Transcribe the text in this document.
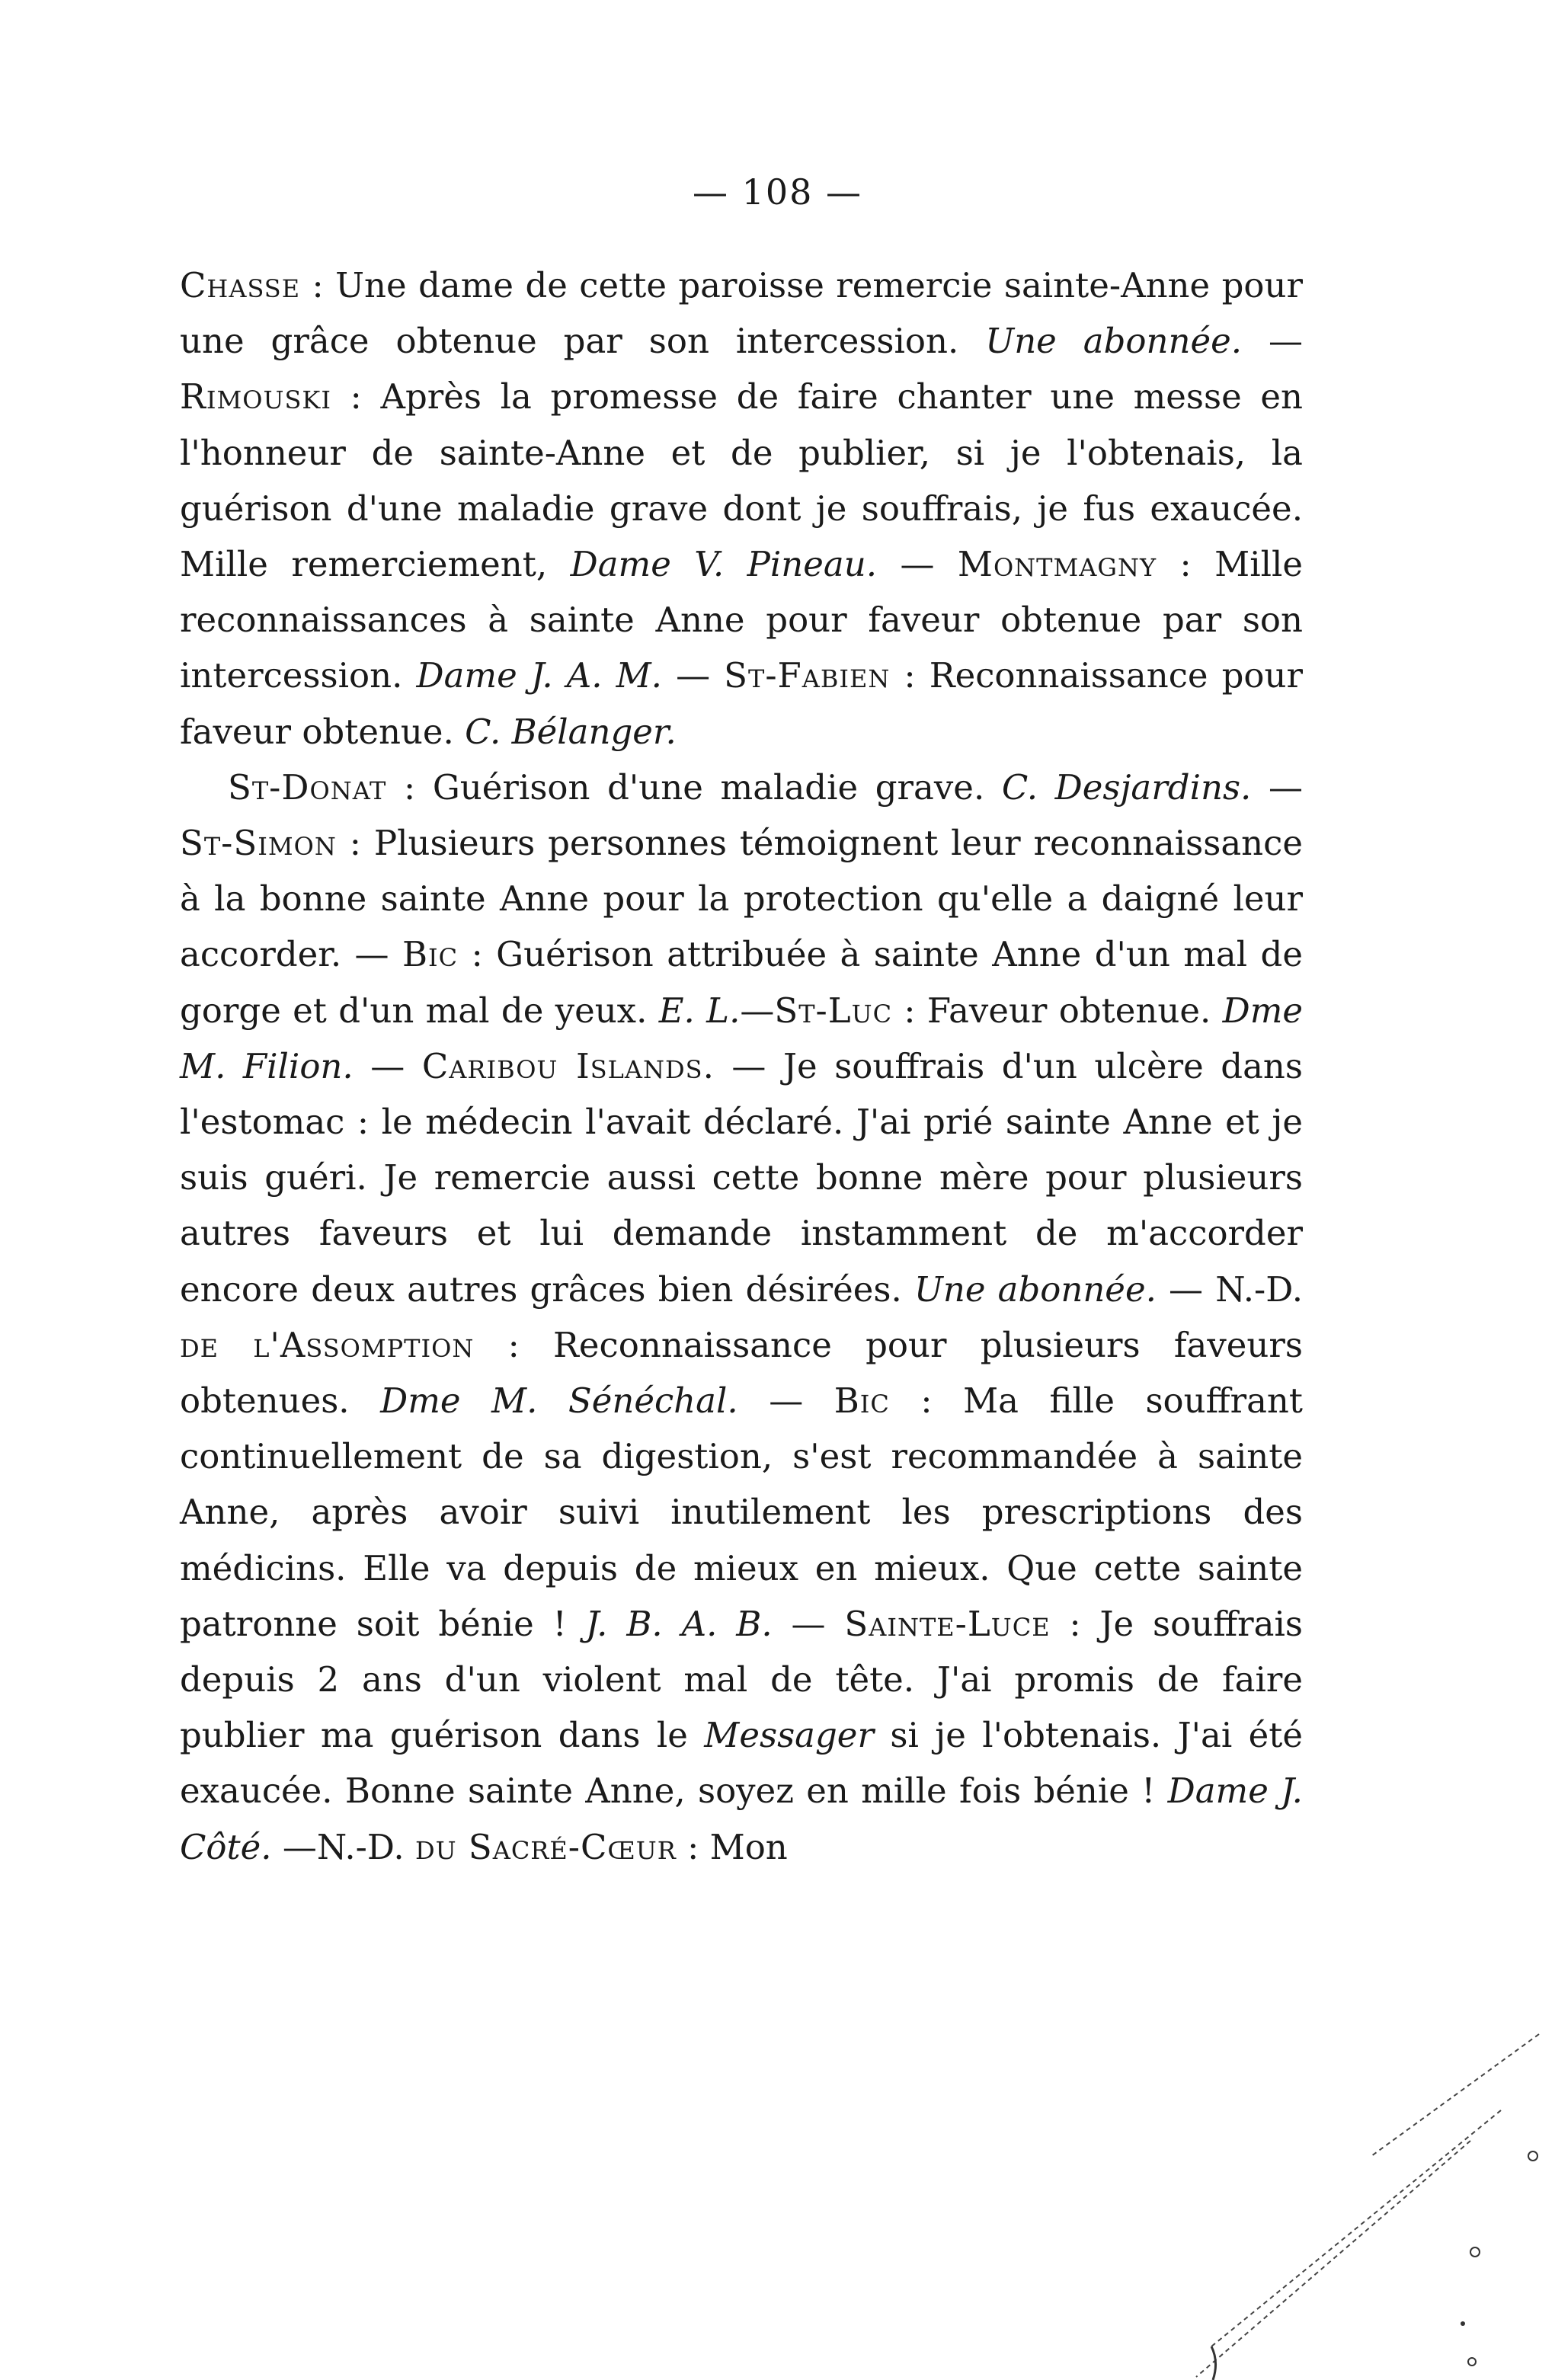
— 108 —

Chasse : Une dame de cette paroisse remercie sainte-Anne pour une grâce obtenue par son intercession. Une abonnée. — Rimouski : Après la promesse de faire chanter une messe en l'honneur de sainte-Anne et de publier, si je l'obtenais, la guérison d'une maladie grave dont je souffrais, je fus exaucée. Mille remerciement, Dame V. Pineau. — Montmagny : Mille reconnaissances à sainte Anne pour faveur obtenue par son intercession. Dame J. A. M. — St-Fabien : Reconnaissance pour faveur obtenue. C. Bélanger.

St-Donat : Guérison d'une maladie grave. C. Desjardins. — St-Simon : Plusieurs personnes témoignent leur reconnaissance à la bonne sainte Anne pour la protection qu'elle a daigné leur accorder. — Bic : Guérison attribuée à sainte Anne d'un mal de gorge et d'un mal de yeux. E. L.—St-Luc : Faveur obtenue. Dme M. Filion. — Caribou Islands. — Je souffrais d'un ulcère dans l'estomac : le médecin l'avait déclaré. J'ai prié sainte Anne et je suis guéri. Je remercie aussi cette bonne mère pour plusieurs autres faveurs et lui demande instamment de m'accorder encore deux autres grâces bien désirées. Une abonnée. — N.-D. de l'Assomption : Reconnaissance pour plusieurs faveurs obtenues. Dme M. Sénéchal. — Bic : Ma fille souffrant continuellement de sa digestion, s'est recommandée à sainte Anne, après avoir suivi inutilement les prescriptions des médicins. Elle va depuis de mieux en mieux. Que cette sainte patronne soit bénie ! J. B. A. B. — Sainte-Luce : Je souffrais depuis 2 ans d'un violent mal de tête. J'ai promis de faire publier ma guérison dans le Messager si je l'obtenais. J'ai été exaucée. Bonne sainte Anne, soyez en mille fois bénie ! Dame J. Côté. —N.-D. du Sacré-Cœur : Mon
